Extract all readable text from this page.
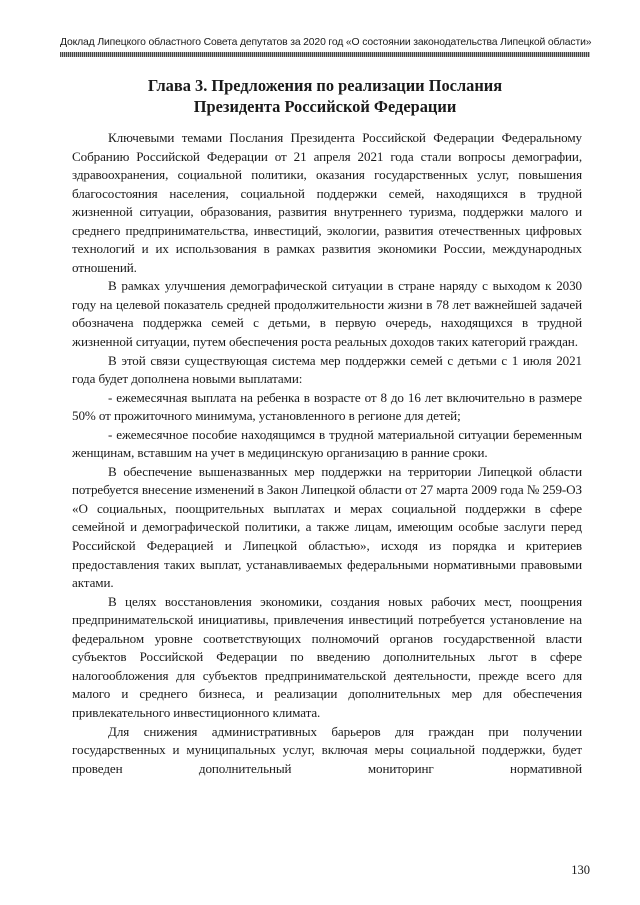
Доклад Липецкого областного Совета депутатов за 2020 год «О состоянии законодательства Липецкой области»
Глава 3. Предложения по реализации Послания
Президента Российской Федерации

Ключевыми темами Послания Президента Российской Федерации Федеральному Собранию Российской Федерации от 21 апреля 2021 года стали вопросы демографии, здравоохранения, социальной политики, оказания государственных услуг, повышения благосостояния населения, социальной поддержки семей, находящихся в трудной жизненной ситуации, образования, развития внутреннего туризма, поддержки малого и среднего предпринимательства, инвестиций, экологии, развития отечественных цифровых технологий и их использования в рамках развития экономики России, международных отношений.

В рамках улучшения демографической ситуации в стране наряду с выходом к 2030 году на целевой показатель средней продолжительности жизни в 78 лет важнейшей задачей обозначена поддержка семей с детьми, в первую очередь, находящихся в трудной жизненной ситуации, путем обеспечения роста реальных доходов таких категорий граждан.

В этой связи существующая система мер поддержки семей с детьми с 1 июля 2021 года будет дополнена новыми выплатами:

- ежемесячная выплата на ребенка в возрасте от 8 до 16 лет включительно в размере 50% от прожиточного минимума, установленного в регионе для детей;

- ежемесячное пособие находящимся в трудной материальной ситуации беременным женщинам, вставшим на учет в медицинскую организацию в ранние сроки.

В обеспечение вышеназванных мер поддержки на территории Липецкой области потребуется внесение изменений в Закон Липецкой области от 27 марта 2009 года № 259-ОЗ «О социальных, поощрительных выплатах и мерах социальной поддержки в сфере семейной и демографической политики, а также лицам, имеющим особые заслуги перед Российской Федерацией и Липецкой областью», исходя из порядка и критериев предоставления таких выплат, устанавливаемых федеральными нормативными правовыми актами.

В целях восстановления экономики, создания новых рабочих мест, поощрения предпринимательской инициативы, привлечения инвестиций потребуется установление на федеральном уровне соответствующих полномочий органов государственной власти субъектов Российской Федерации по введению дополнительных льгот в сфере налогообложения для субъектов предпринимательской деятельности, прежде всего для малого и среднего бизнеса, и реализации дополнительных мер для обеспечения привлекательного инвестиционного климата.

Для снижения административных барьеров для граждан при получении государственных и муниципальных услуг, включая меры социальной поддержки, будет проведен дополнительный мониторинг нормативной

130
